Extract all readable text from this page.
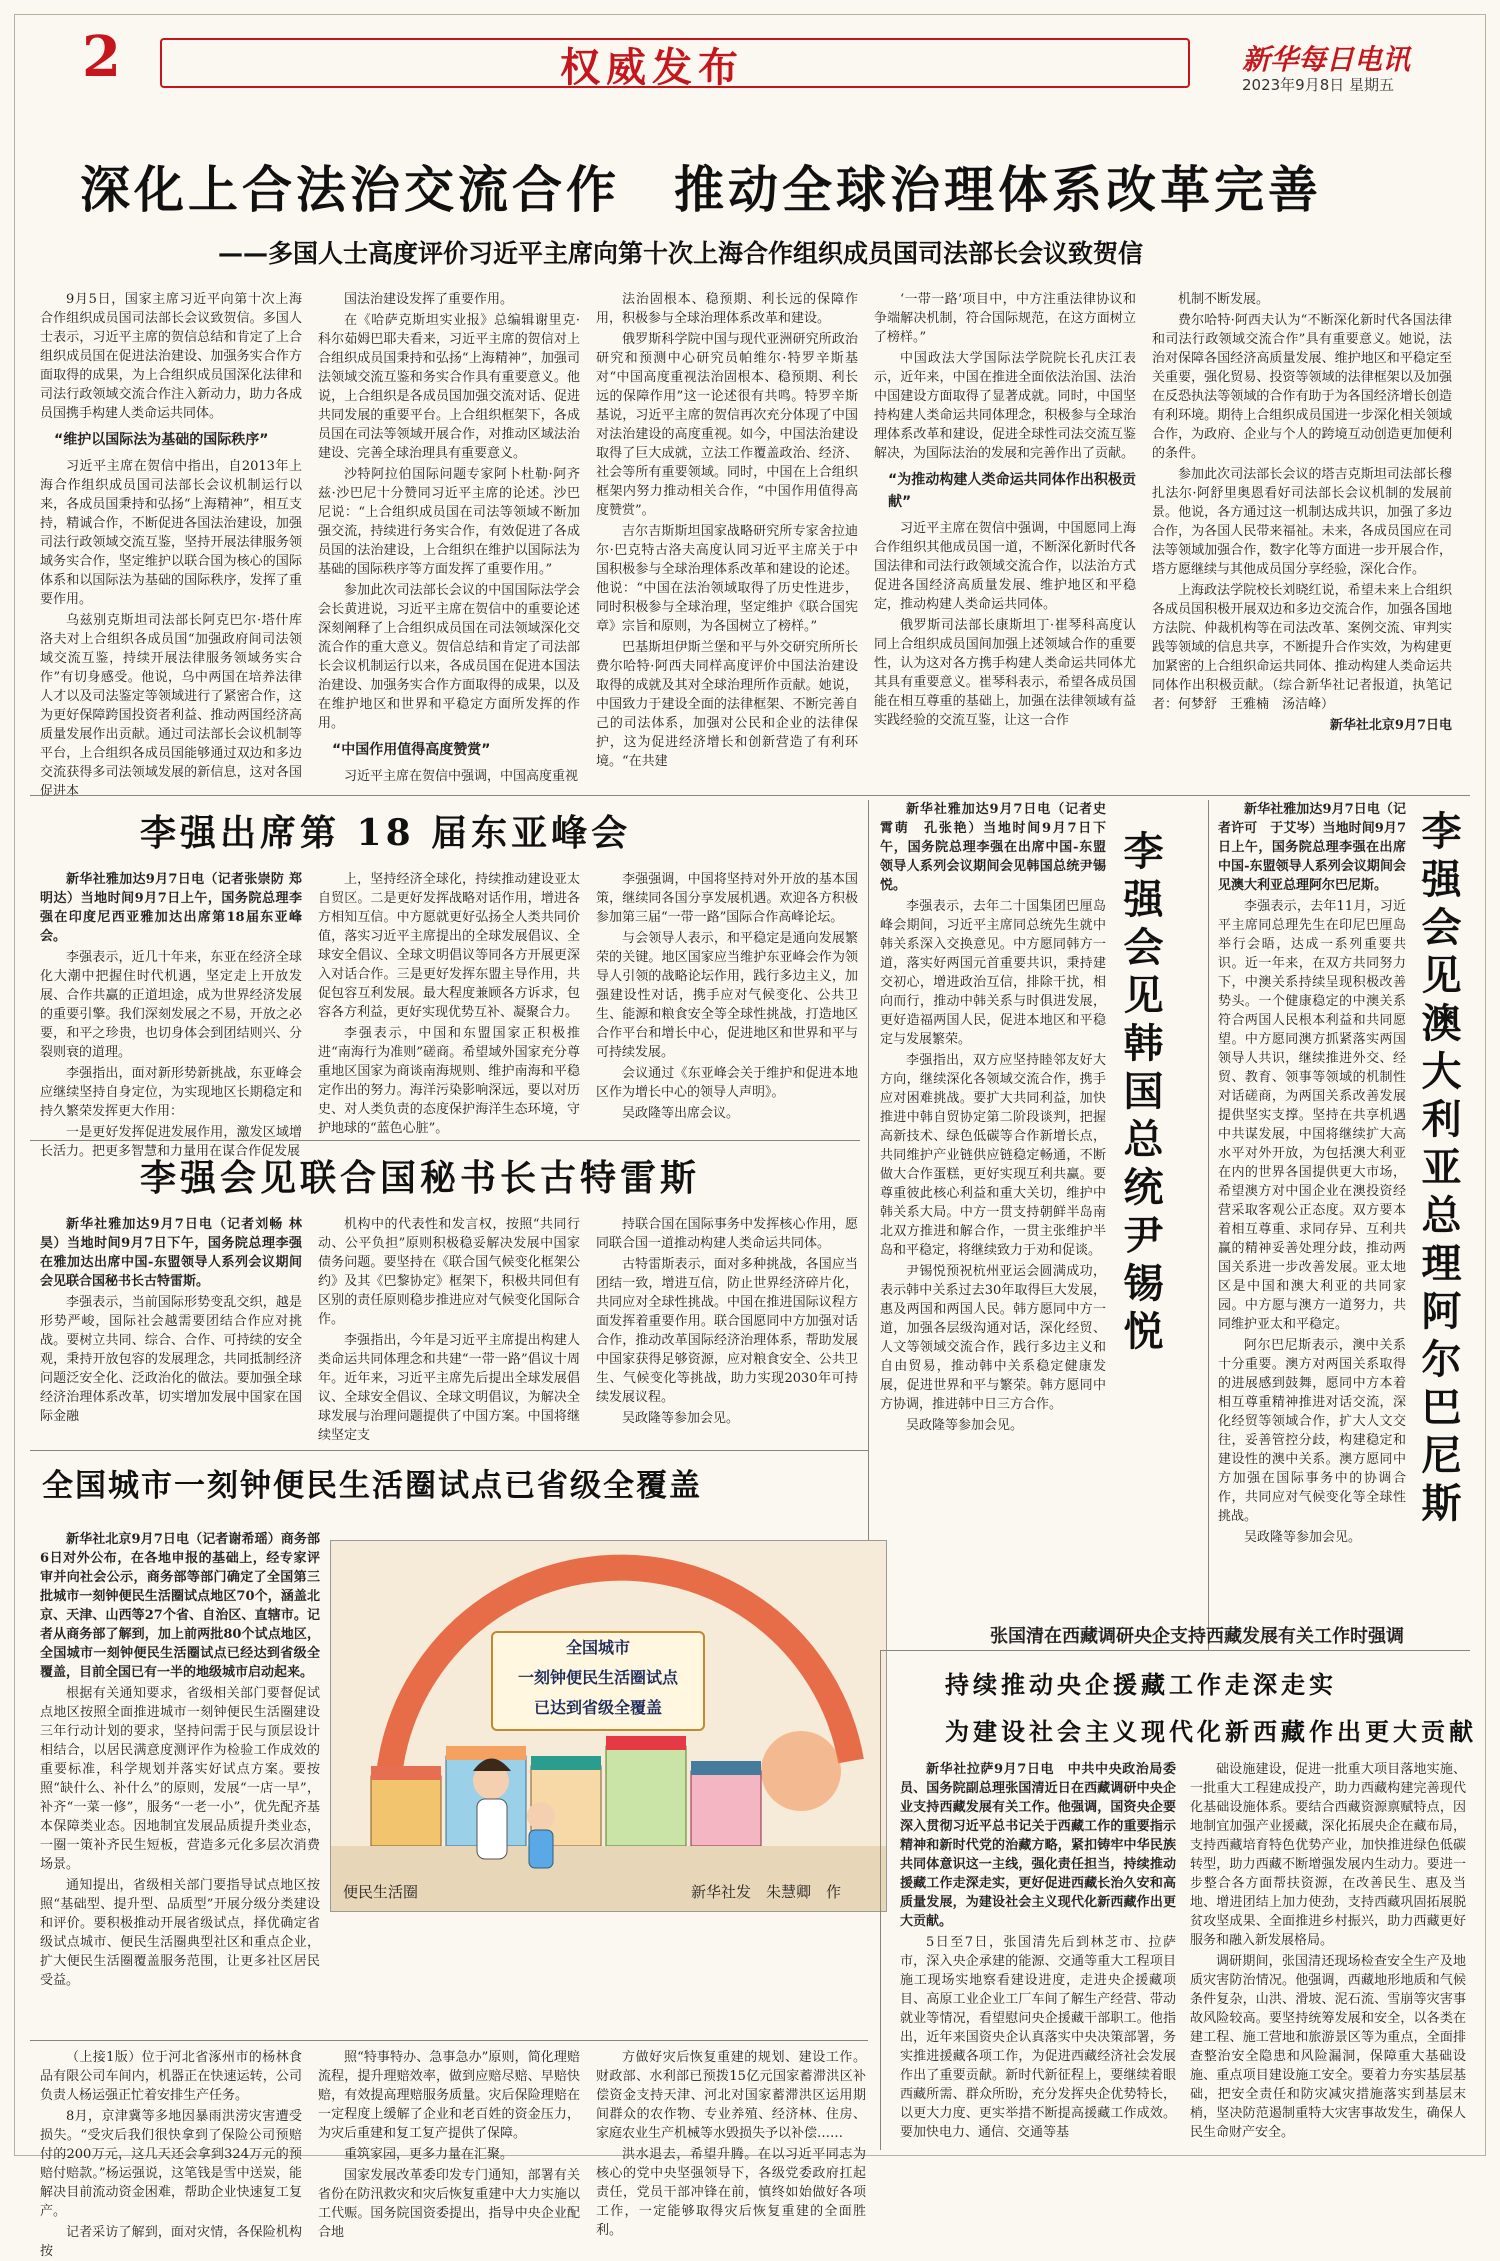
2	权威发布	新华每日电讯
2023年9月8日 星期五
深化上合法治交流合作　推动全球治理体系改革完善
——多国人士高度评价习近平主席向第十次上海合作组织成员国司法部长会议致贺信

9月5日，国家主席习近平向第十次上海合作组织成员国司法部长会议致贺信。多国人士表示，习近平主席的贺信总结和肯定了上合组织成员国在促进法治建设、加强务实合作方面取得的成果，为上合组织成员国深化法律和司法行政领域交流合作注入新动力，助力各成员国携手构建人类命运共同体。

“维护以国际法为基础的国际秩序”

习近平主席在贺信中指出，自2013年上海合作组织成员国司法部长会议机制运行以来，各成员国秉持和弘扬“上海精神”，相互支持，精诚合作，不断促进各国法治建设，加强司法行政领域交流互鉴，坚持开展法律服务领域务实合作，坚定维护以联合国为核心的国际体系和以国际法为基础的国际秩序，发挥了重要作用。

乌兹别克斯坦司法部长阿克巴尔·塔什库洛夫对上合组织各成员国“加强政府间司法领域交流互鉴，持续开展法律服务领域务实合作”有切身感受。他说，乌中两国在培养法律人才以及司法鉴定等领域进行了紧密合作，这为更好保障跨国投资者利益、推动两国经济高质量发展作出贡献。通过司法部长会议机制等平台，上合组织各成员国能够通过双边和多边交流获得多司法领域发展的新信息，这对各国促进本

国法治建设发挥了重要作用。

在《哈萨克斯坦实业报》总编辑谢里克·科尔茹姆巴耶夫看来，习近平主席的贺信对上合组织成员国秉持和弘扬“上海精神”，加强司法领域交流互鉴和务实合作具有重要意义。他说，上合组织是各成员国加强交流对话、促进共同发展的重要平台。上合组织框架下，各成员国在司法等领域开展合作，对推动区域法治建设、完善全球治理具有重要意义。

沙特阿拉伯国际问题专家阿卜杜勒·阿齐兹·沙巴尼十分赞同习近平主席的论述。沙巴尼说：“上合组织成员国在司法等领域不断加强交流，持续进行务实合作，有效促进了各成员国的法治建设，上合组织在维护以国际法为基础的国际秩序等方面发挥了重要作用。”

参加此次司法部长会议的中国国际法学会会长黄进说，习近平主席在贺信中的重要论述深刻阐释了上合组织成员国在司法领域深化交流合作的重大意义。贺信总结和肯定了司法部长会议机制运行以来，各成员国在促进本国法治建设、加强务实合作方面取得的成果，以及在维护地区和世界和平稳定方面所发挥的作用。

“中国作用值得高度赞赏”

习近平主席在贺信中强调，中国高度重视

法治固根本、稳预期、利长远的保障作用，积极参与全球治理体系改革和建设。

俄罗斯科学院中国与现代亚洲研究所政治研究和预测中心研究员帕维尔·特罗辛斯基对“中国高度重视法治固根本、稳预期、利长远的保障作用”这一论述很有共鸣。特罗辛斯基说，习近平主席的贺信再次充分体现了中国对法治建设的高度重视。如今，中国法治建设取得了巨大成就，立法工作覆盖政治、经济、社会等所有重要领域。同时，中国在上合组织框架内努力推动相关合作，“中国作用值得高度赞赏”。

吉尔吉斯斯坦国家战略研究所专家舍拉迪尔·巴克特古洛夫高度认同习近平主席关于中国积极参与全球治理体系改革和建设的论述。他说：“中国在法治领域取得了历史性进步，同时积极参与全球治理，坚定维护《联合国宪章》宗旨和原则，为各国树立了榜样。”

巴基斯坦伊斯兰堡和平与外交研究所所长费尔哈特·阿西夫同样高度评价中国法治建设取得的成就及其对全球治理所作贡献。她说，中国致力于建设全面的法律框架、不断完善自己的司法体系，加强对公民和企业的法律保护，这为促进经济增长和创新营造了有利环境。“在共建

‘一带一路’项目中，中方注重法律协议和争端解决机制，符合国际规范，在这方面树立了榜样。”

中国政法大学国际法学院院长孔庆江表示，近年来，中国在推进全面依法治国、法治中国建设方面取得了显著成就。同时，中国坚持构建人类命运共同体理念，积极参与全球治理体系改革和建设，促进全球性司法交流互鉴解决，为国际法治的发展和完善作出了贡献。

“为推动构建人类命运共同体作出积极贡献”

习近平主席在贺信中强调，中国愿同上海合作组织其他成员国一道，不断深化新时代各国法律和司法行政领域交流合作，以法治方式促进各国经济高质量发展、维护地区和平稳定，推动构建人类命运共同体。

俄罗斯司法部长康斯坦丁·崔琴科高度认同上合组织成员国间加强上述领域合作的重要性，认为这对各方携手构建人类命运共同体尤其具有重要意义。崔琴科表示，希望各成员国能在相互尊重的基础上，加强在法律领域有益实践经验的交流互鉴，让这一合作

机制不断发展。

费尔哈特·阿西夫认为“不断深化新时代各国法律和司法行政领域交流合作”具有重要意义。她说，法治对保障各国经济高质量发展、维护地区和平稳定至关重要，强化贸易、投资等领域的法律框架以及加强在反恐执法等领域的合作有助于为各国经济增长创造有利环境。期待上合组织成员国进一步深化相关领域合作，为政府、企业与个人的跨境互动创造更加便利的条件。

参加此次司法部长会议的塔吉克斯坦司法部长穆扎法尔·阿舒里奥恩看好司法部长会议机制的发展前景。他说，各方通过这一机制达成共识，加强了多边合作，为各国人民带来福祉。未来，各成员国应在司法等领域加强合作，数字化等方面进一步开展合作，塔方愿继续与其他成员国分享经验，深化合作。

上海政法学院校长刘晓红说，希望未来上合组织各成员国积极开展双边和多边交流合作，加强各国地方法院、仲裁机构等在司法改革、案例交流、审判实践等领域的信息共享，不断提升合作实效，为构建更加紧密的上合组织命运共同体、推动构建人类命运共同体作出积极贡献。（综合新华社记者报道，执笔记者：何梦舒　王雅楠　汤洁峰）

新华社北京9月7日电

李强出席第 18 届东亚峰会

新华社雅加达9月7日电（记者张崇防 郑明达）当地时间9月7日上午，国务院总理李强在印度尼西亚雅加达出席第18届东亚峰会。

李强表示，近几十年来，东亚在经济全球化大潮中把握住时代机遇，坚定走上开放发展、合作共赢的正道坦途，成为世界经济发展的重要引擎。我们深刻发展之不易，开放之必要，和平之珍贵，也切身体会到团结则兴、分裂则衰的道理。

李强指出，面对新形势新挑战，东亚峰会应继续坚持自身定位，为实现地区长期稳定和持久繁荣发挥更大作用：

一是更好发挥促进发展作用，激发区域增长活力。把更多智慧和力量用在谋合作促发展

上，坚持经济全球化，持续推动建设亚太自贸区。二是更好发挥战略对话作用，增进各方相知互信。中方愿就更好弘扬全人类共同价值，落实习近平主席提出的全球发展倡议、全球安全倡议、全球文明倡议等同各方开展更深入对话合作。三是更好发挥东盟主导作用，共促包容互利发展。最大程度兼顾各方诉求，包容各方利益，更好实现优势互补、凝聚合力。

李强表示，中国和东盟国家正积极推进“南海行为准则”磋商。希望域外国家充分尊重地区国家为商谈南海规则、维护南海和平稳定作出的努力。海洋污染影响深远，要以对历史、对人类负责的态度保护海洋生态环境，守护地球的“蓝色心脏”。

李强强调，中国将坚持对外开放的基本国策，继续同各国分享发展机遇。欢迎各方积极参加第三届“一带一路”国际合作高峰论坛。

与会领导人表示，和平稳定是通向发展繁荣的关键。地区国家应当维护东亚峰会作为领导人引领的战略论坛作用，践行多边主义，加强建设性对话，携手应对气候变化、公共卫生、能源和粮食安全等全球性挑战，打造地区合作平台和增长中心，促进地区和世界和平与可持续发展。

会议通过《东亚峰会关于维护和促进本地区作为增长中心的领导人声明》。

吴政隆等出席会议。

李强会见联合国秘书长古特雷斯

新华社雅加达9月7日电（记者刘畅 林昊）当地时间9月7日下午，国务院总理李强在雅加达出席中国-东盟领导人系列会议期间会见联合国秘书长古特雷斯。

李强表示，当前国际形势变乱交织，越是形势严峻，国际社会越需要团结合作应对挑战。要树立共同、综合、合作、可持续的安全观，秉持开放包容的发展理念，共同抵制经济问题泛安全化、泛政治化的做法。要加强全球经济治理体系改革，切实增加发展中国家在国际金融

机构中的代表性和发言权，按照“共同行动、公平负担”原则积极稳妥解决发展中国家债务问题。要坚持在《联合国气候变化框架公约》及其《巴黎协定》框架下，积极共同但有区别的责任原则稳步推进应对气候变化国际合作。

李强指出，今年是习近平主席提出构建人类命运共同体理念和共建“一带一路”倡议十周年。近年来，习近平主席先后提出全球发展倡议、全球安全倡议、全球文明倡议，为解决全球发展与治理问题提供了中国方案。中国将继续坚定支

持联合国在国际事务中发挥核心作用，愿同联合国一道推动构建人类命运共同体。

古特雷斯表示，面对多种挑战，各国应当团结一致，增进互信，防止世界经济碎片化，共同应对全球性挑战。中国在推进国际议程方面发挥着重要作用。联合国愿同中方加强对话合作，推动改革国际经济治理体系，帮助发展中国家获得足够资源，应对粮食安全、公共卫生、气候变化等挑战，助力实现2030年可持续发展议程。

吴政隆等参加会见。

李强会见韩国总统尹锡悦

新华社雅加达9月7日电（记者史霄萌　孔张艳）当地时间9月7日下午，国务院总理李强在出席中国-东盟领导人系列会议期间会见韩国总统尹锡悦。

李强表示，去年二十国集团巴厘岛峰会期间，习近平主席同总统先生就中韩关系深入交换意见。中方愿同韩方一道，落实好两国元首重要共识，秉持建交初心，增进政治互信，排除干扰，相向而行，推动中韩关系与时俱进发展，更好造福两国人民，促进本地区和平稳定与发展繁荣。

李强指出，双方应坚持睦邻友好大方向，继续深化各领域交流合作，携手应对困难挑战。要扩大共同利益，加快推进中韩自贸协定第二阶段谈判，把握高新技术、绿色低碳等合作新增长点，共同维护产业链供应链稳定畅通，不断做大合作蛋糕，更好实现互利共赢。要尊重彼此核心利益和重大关切，维护中韩关系大局。中方一贯支持朝鲜半岛南北双方推进和解合作，一贯主张维护半岛和平稳定，将继续致力于劝和促谈。

尹锡悦预祝杭州亚运会圆满成功，表示韩中关系过去30年取得巨大发展，惠及两国和两国人民。韩方愿同中方一道，加强各层级沟通对话，深化经贸、人文等领域交流合作，践行多边主义和自由贸易，推动韩中关系稳定健康发展，促进世界和平与繁荣。韩方愿同中方协调，推进韩中日三方合作。

吴政隆等参加会见。	李强会见澳大利亚总理阿尔巴尼斯

新华社雅加达9月7日电（记者许可　于艾岑）当地时间9月7日上午，国务院总理李强在出席中国-东盟领导人系列会议期间会见澳大利亚总理阿尔巴尼斯。

李强表示，去年11月，习近平主席同总理先生在印尼巴厘岛举行会晤，达成一系列重要共识。近一年来，在双方共同努力下，中澳关系持续呈现积极改善势头。一个健康稳定的中澳关系符合两国人民根本利益和共同愿望。中方愿同澳方抓紧落实两国领导人共识，继续推进外交、经贸、教育、领事等领域的机制性对话磋商，为两国关系改善发展提供坚实支撑。坚持在共享机遇中共谋发展，中国将继续扩大高水平对外开放，为包括澳大利亚在内的世界各国提供更大市场，希望澳方对中国企业在澳投资经营采取客观公正态度。双方要本着相互尊重、求同存异、互利共赢的精神妥善处理分歧，推动两国关系进一步改善发展。亚太地区是中国和澳大利亚的共同家园。中方愿与澳方一道努力，共同维护亚太和平稳定。

阿尔巴尼斯表示，澳中关系十分重要。澳方对两国关系取得的进展感到鼓舞，愿同中方本着相互尊重精神推进对话交流，深化经贸等领域合作，扩大人文交往，妥善管控分歧，构建稳定和建设性的澳中关系。澳方愿同中方加强在国际事务中的协调合作，共同应对气候变化等全球性挑战。

吴政隆等参加会见。

全国城市一刻钟便民生活圈试点已省级全覆盖

新华社北京9月7日电（记者谢希瑶）商务部6日对外公布，在各地申报的基础上，经专家评审并向社会公示，商务部等部门确定了全国第三批城市一刻钟便民生活圈试点地区70个，涵盖北京、天津、山西等27个省、自治区、直辖市。记者从商务部了解到，加上前两批80个试点地区，全国城市一刻钟便民生活圈试点已经达到省级全覆盖，目前全国已有一半的地级城市启动起来。

根据有关通知要求，省级相关部门要督促试点地区按照全面推进城市一刻钟便民生活圈建设三年行动计划的要求，坚持问需于民与顶层设计相结合，以居民满意度测评作为检验工作成效的重要标准，科学规划并落实好试点方案。要按照“缺什么、补什么”的原则，发展“一店一早”，补齐“一菜一修”，服务“一老一小”，优先配齐基本保障类业态。因地制宜发展品质提升类业态，一圈一策补齐民生短板，营造多元化多层次消费场景。

通知提出，省级相关部门要指导试点地区按照“基础型、提升型、品质型”开展分级分类建设和评价。要积极推动开展省级试点，择优确定省级试点城市、便民生活圈典型社区和重点企业，扩大便民生活圈覆盖服务范围，让更多社区居民受益。

全国城市
一刻钟便民生活圈试点
已达到省级全覆盖
便民生活圈	新华社发　朱慧卿　作
张国清在西藏调研央企支持西藏发展有关工作时强调
持续推动央企援藏工作走深走实
为建设社会主义现代化新西藏作出更大贡献

新华社拉萨9月7日电　中共中央政治局委员、国务院副总理张国清近日在西藏调研中央企业支持西藏发展有关工作。他强调，国资央企要深入贯彻习近平总书记关于西藏工作的重要指示精神和新时代党的治藏方略，紧扣铸牢中华民族共同体意识这一主线，强化责任担当，持续推动援藏工作走深走实，更好促进西藏长治久安和高质量发展，为建设社会主义现代化新西藏作出更大贡献。

5日至7日，张国清先后到林芝市、拉萨市，深入央企承建的能源、交通等重大工程项目施工现场实地察看建设进度，走进央企援藏项目、高原工业企业工厂车间了解生产经营、带动就业等情况，看望慰问央企援藏干部职工。他指出，近年来国资央企认真落实中央决策部署，务实推进援藏各项工作，为促进西藏经济社会发展作出了重要贡献。新时代新征程上，要继续着眼西藏所需、群众所盼，充分发挥央企优势特长，以更大力度、更实举措不断提高援藏工作成效。要加快电力、通信、交通等基

础设施建设，促进一批重大项目落地实施、一批重大工程建成投产，助力西藏构建完善现代化基础设施体系。要结合西藏资源禀赋特点，因地制宜加强产业援藏，深化拓展央企在藏布局，支持西藏培育特色优势产业，加快推进绿色低碳转型，助力西藏不断增强发展内生动力。要进一步整合各方面帮扶资源，在改善民生、惠及当地、增进团结上加力使劲，支持西藏巩固拓展脱贫攻坚成果、全面推进乡村振兴，助力西藏更好服务和融入新发展格局。

调研期间，张国清还现场检查安全生产及地质灾害防治情况。他强调，西藏地形地质和气候条件复杂，山洪、滑坡、泥石流、雪崩等灾害事故风险较高。要坚持统筹发展和安全，以各类在建工程、施工营地和旅游景区等为重点，全面排查整治安全隐患和风险漏洞，保障重大基础设施、重点项目建设施工安全。要着力夯实基层基础，把安全责任和防灾减灾措施落实到基层末梢，坚决防范遏制重特大灾害事故发生，确保人民生命财产安全。

（上接1版）位于河北省涿州市的杨林食品有限公司车间内，机器正在快速运转，公司负责人杨运强正忙着安排生产任务。

8月，京津冀等多地因暴雨洪涝灾害遭受损失。“受灾后我们很快拿到了保险公司预赔付的200万元，这几天还会拿到324万元的预赔付赔款。”杨运强说，这笔钱是雪中送炭，能解决目前流动资金困难，帮助企业快速复工复产。

记者采访了解到，面对灾情，各保险机构按

照“特事特办、急事急办”原则，简化理赔流程，提升理赔效率，做到应赔尽赔、早赔快赔，有效提高理赔服务质量。灾后保险理赔在一定程度上缓解了企业和老百姓的资金压力，为灾后重建和复工复产提供了保障。

重筑家园，更多力量在汇聚。

国家发展改革委印发专门通知，部署有关省份在防汛救灾和灾后恢复重建中大力实施以工代赈。国务院国资委提出，指导中央企业配合地

方做好灾后恢复重建的规划、建设工作。财政部、水利部已预拨15亿元国家蓄滞洪区补偿资金支持天津、河北对国家蓄滞洪区运用期间群众的农作物、专业养殖、经济林、住房、家庭农业生产机械等水毁损失予以补偿……

洪水退去，希望升腾。在以习近平同志为核心的党中央坚强领导下，各级党委政府扛起责任，党员干部冲锋在前，慎终如始做好各项工作，一定能够取得灾后恢复重建的全面胜利。
